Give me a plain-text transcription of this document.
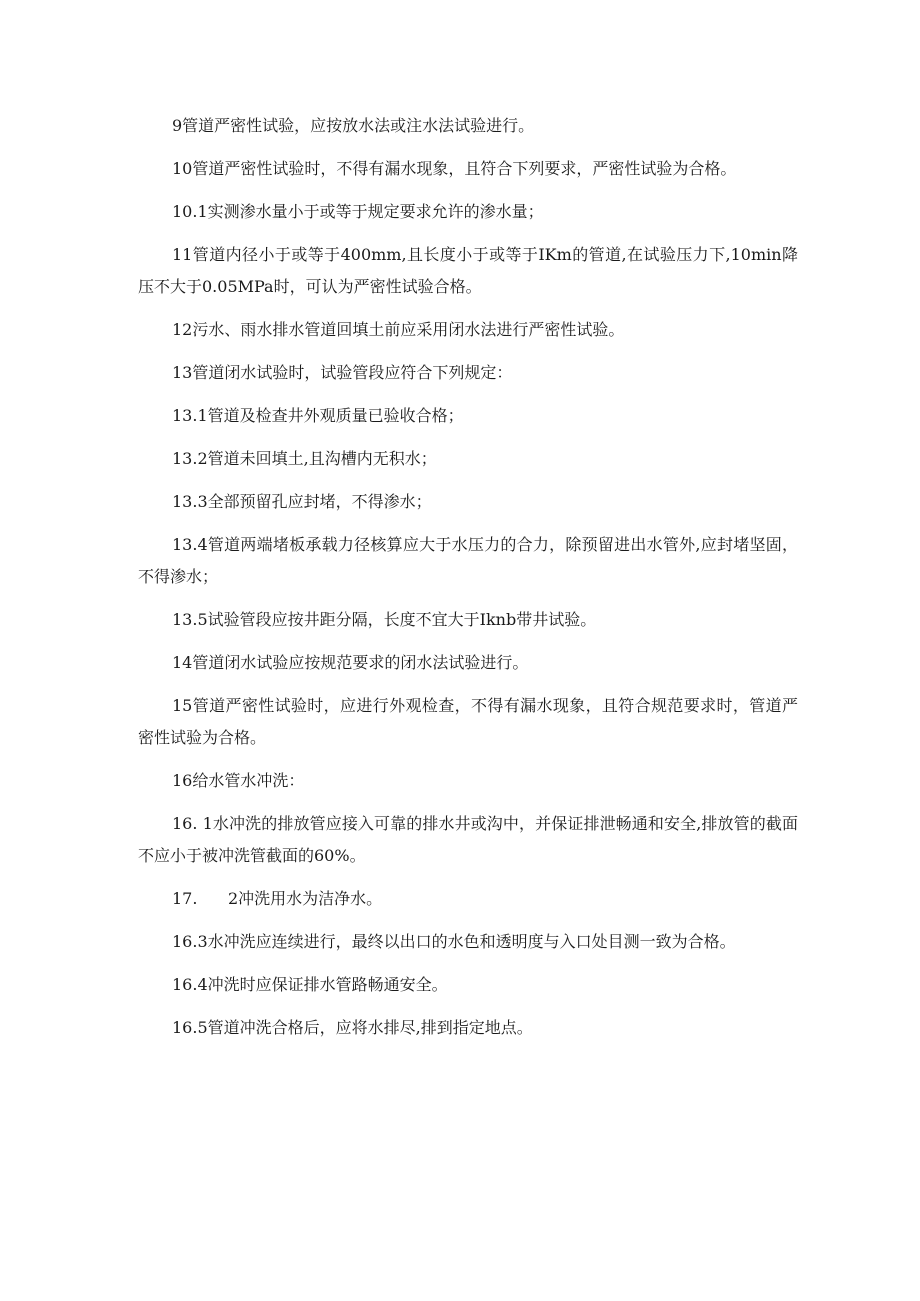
9管道严密性试验，应按放水法或注水法试验进行。

10管道严密性试验时，不得有漏水现象，且符合下列要求，严密性试验为合格。

10.1实测渗水量小于或等于规定要求允许的渗水量；

11管道内径小于或等于400mm,且长度小于或等于IKm的管道,在试验压力下,10min降压不大于0.05MPa时，可认为严密性试验合格。

12污水、雨水排水管道回填土前应采用闭水法进行严密性试验。

13管道闭水试验时，试验管段应符合下列规定：

13.1管道及检查井外观质量已验收合格；

13.2管道未回填土,且沟槽内无积水；

13.3全部预留孔应封堵，不得渗水；

13.4管道两端堵板承载力径核算应大于水压力的合力，除预留进出水管外,应封堵坚固，不得渗水；

13.5试验管段应按井距分隔，长度不宜大于Iknb带井试验。

14管道闭水试验应按规范要求的闭水法试验进行。

15管道严密性试验时，应进行外观检查，不得有漏水现象，且符合规范要求时，管道严密性试验为合格。

16给水管水冲洗：

16. 1水冲洗的排放管应接入可靠的排水井或沟中，并保证排泄畅通和安全,排放管的截面不应小于被冲洗管截面的60%。

17.      2冲洗用水为洁净水。

16.3水冲洗应连续进行，最终以出口的水色和透明度与入口处目测一致为合格。

16.4冲洗时应保证排水管路畅通安全。

16.5管道冲洗合格后，应将水排尽,排到指定地点。
